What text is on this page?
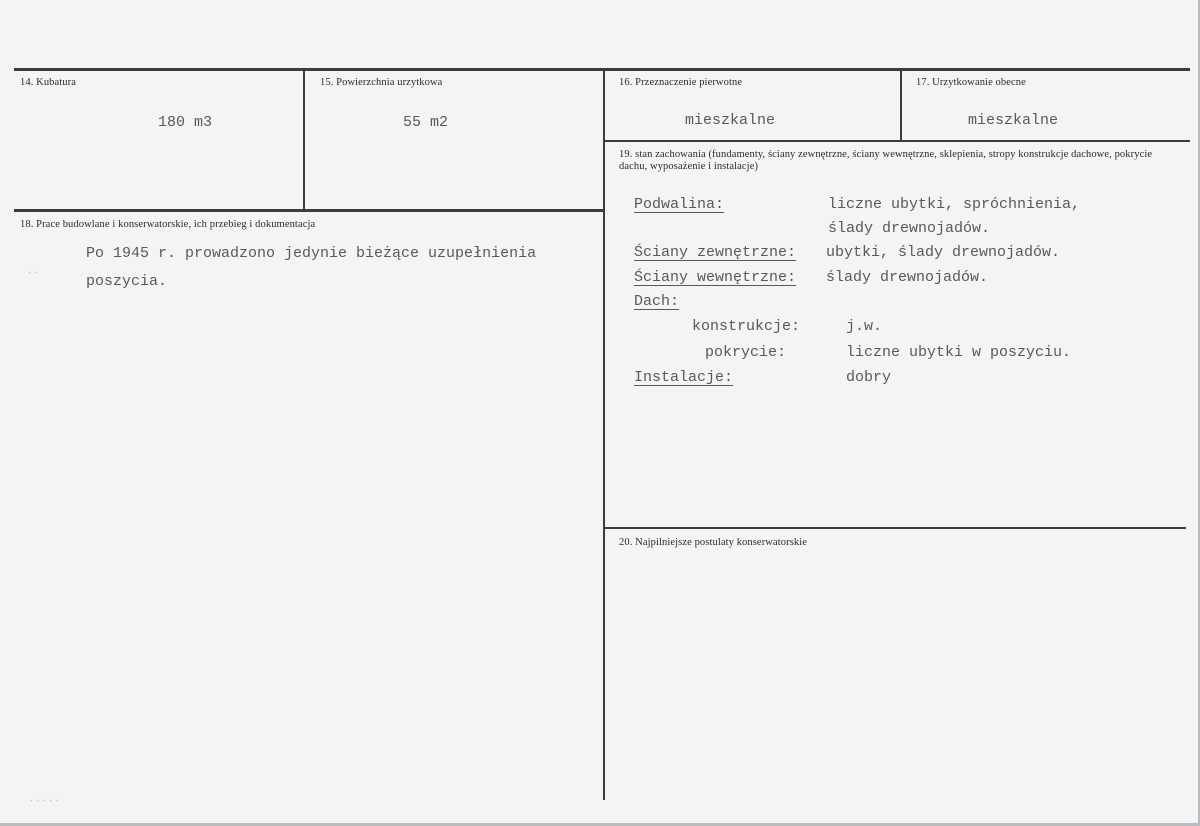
14. Kubatura
180 m3
15. Powierzchnia urzytkowa
55 m2
16. Przeznaczenie pierwotne
mieszkalne
17. Urzytkowanie obecne
mieszkalne
18. Prace budowlane i konserwatorskie, ich przebieg i dokumentacja
Po 1945 r. prowadzono jedynie bieżące uzupełnienia poszycia.
19. stan zachowania (fundamenty, ściany zewnętrzne, ściany wewnętrzne, sklepienia, stropy konstrukcje dachowe, pokrycie dachu, wyposażenie i instalacje)
Podwalina:	liczne ubytki, spróchnienia,
ślady drewnojadów.
Ściany zewnętrzne: ubytki, ślady drewnojadów.
Ściany wewnętrzne: ślady drewnojadów.
Dach:
konstrukcje:	j.w.
pokrycie:	liczne ubytki w poszyciu.
Instalacje:	dobry
20. Najpilniejsze postulaty konserwatorskie
· ·
· · · · ·
